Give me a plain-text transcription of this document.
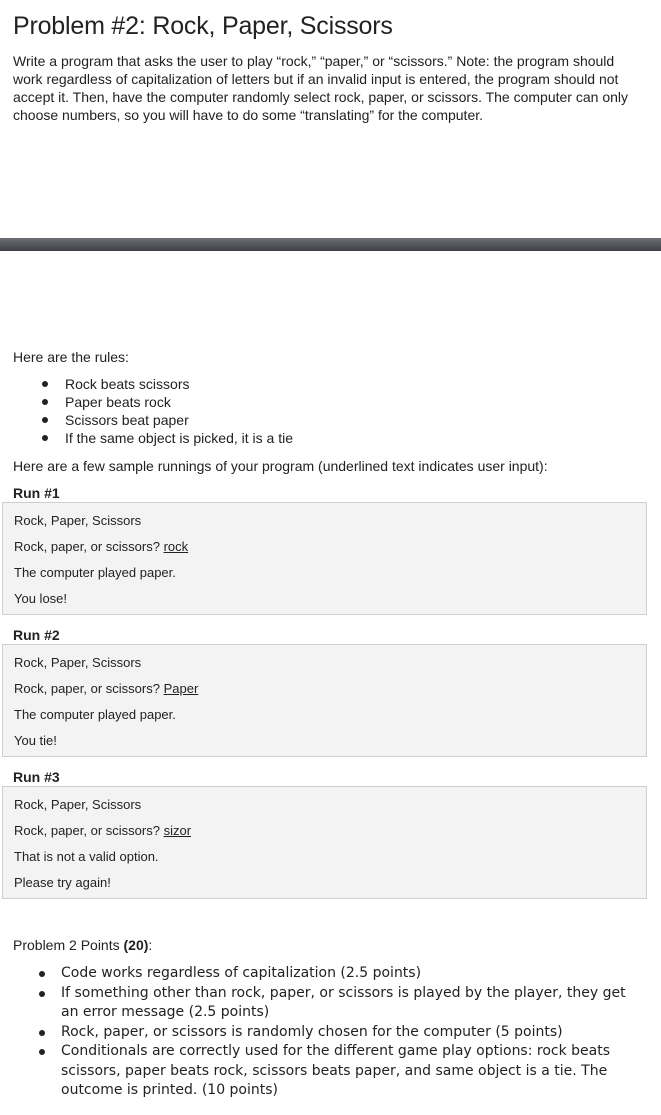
Problem #2: Rock, Paper, Scissors

Write a program that asks the user to play “rock,” “paper,” or “scissors.” Note: the program should work regardless of capitalization of letters but if an invalid input is entered, the program should not accept it. Then, have the computer randomly select rock, paper, or scissors. The computer can only choose numbers, so you will have to do some “translating” for the computer.

Here are the rules:

Rock beats scissors
Paper beats rock
Scissors beat paper
If the same object is picked, it is a tie

Here are a few sample runnings of your program (underlined text indicates user input):

Run #1

Rock, Paper, Scissors
Rock, paper, or scissors? rock
The computer played paper.
You lose!

Run #2

Rock, Paper, Scissors
Rock, paper, or scissors? Paper
The computer played paper.
You tie!

Run #3

Rock, Paper, Scissors
Rock, paper, or scissors? sizor
That is not a valid option.
Please try again!

Problem 2 Points (20):

Code works regardless of capitalization (2.5 points)
If something other than rock, paper, or scissors is played by the player, they get an error message (2.5 points)
Rock, paper, or scissors is randomly chosen for the computer (5 points)
Conditionals are correctly used for the different game play options: rock beats scissors, paper beats rock, scissors beats paper, and same object is a tie. The outcome is printed. (10 points)
